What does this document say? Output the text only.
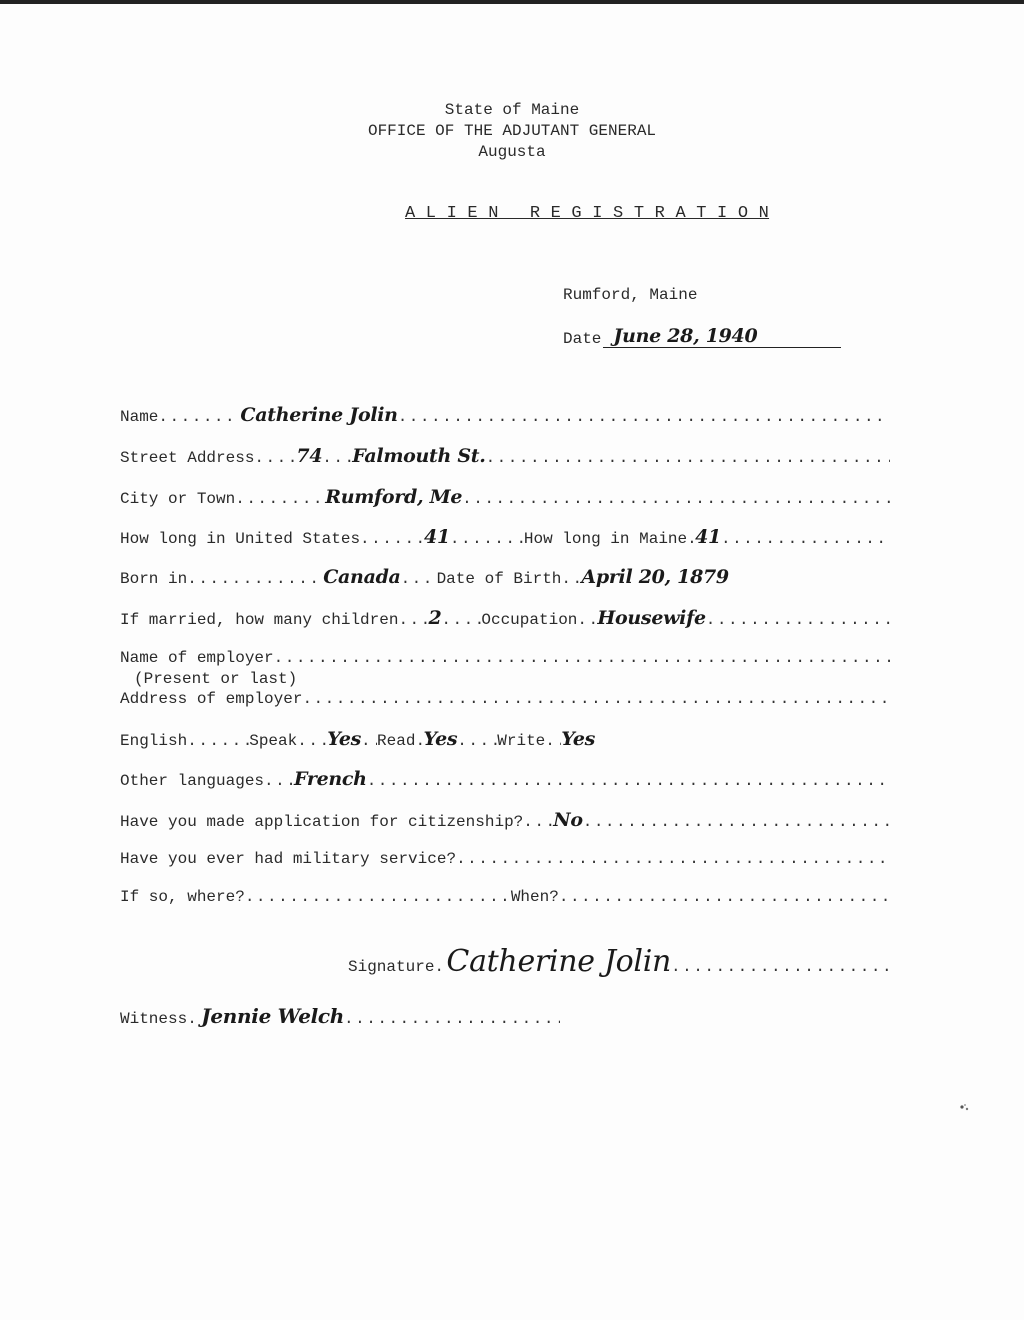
State of Maine
OFFICE OF THE ADJUTANT GENERAL
Augusta
A L I E N   R E G I S T R A T I O N
Rumford, Maine
Date June 28, 1940
Name .....	Catherine Jolin
.....
Street Address ..... 74 ..... Falmouth St.
.....
City or Town .....	Rumford, Me
.....
How long in United States .....	41 .....	How long in Maine ..... 41
.....
Born in .....	Canada ..... Date of Birth ..... April 20, 1879
If married, how many children ..... 2 .....	Occupation ..... Housewife
.....
Name of employer
.....
(Present or last)
Address of employer
.....
English .....	Speak ..... Yes ..... Read ..... Yes .....	Write ..... Yes
Other languages ..... French
.....
Have you made application for citizenship? ..... No
.....
Have you ever had military service?
.....
If so, where? .....	When?
.....
Signature ..... Catherine Jolin
.....
Witness ..... Jennie Welch
.....
